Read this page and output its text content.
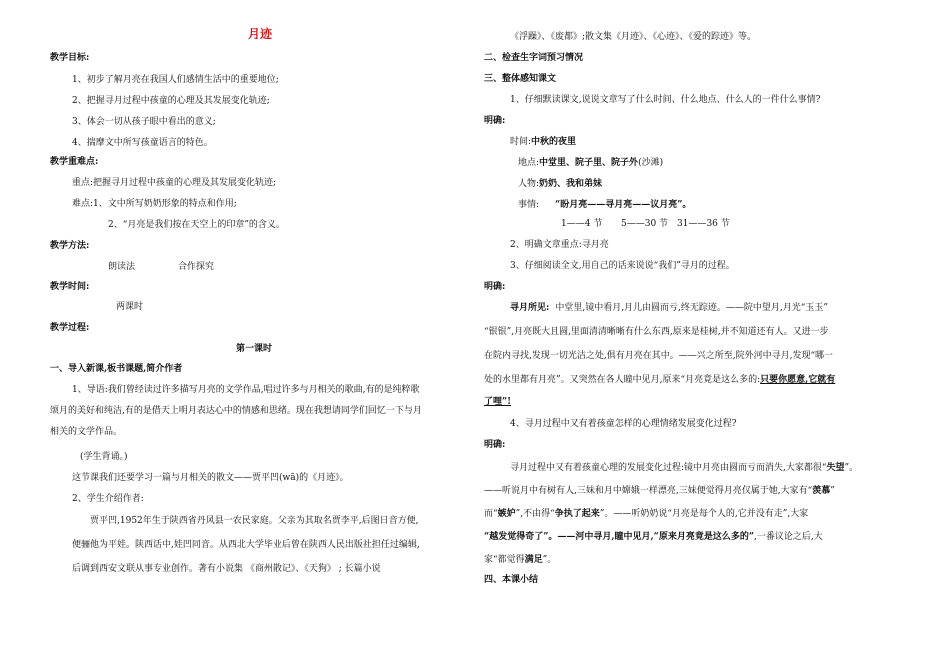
月迹
教学目标:
1、初步了解月亮在我国人们感情生活中的重要地位;
2、把握寻月过程中孩童的心理及其发展变化轨迹;
3、体会一切从孩子眼中看出的意义;
4、揣摩文中所写孩童语言的特色。
教学重难点:
重点:把握寻月过程中孩童的心理及其发展变化轨迹;
难点:1、文中所写奶奶形象的特点和作用;
2、“月亮是我们按在天空上的印章”的含义。
教学方法:
朗读法	合作探究
教学时间:
两课时
教学过程:
第一课时
一、导入新课,板书课题,简介作者
1、导语:我们曾经读过许多描写月亮的文学作品,唱过许多与月相关的歌曲,有的是纯粹歌
颂月的美好和纯洁,有的是借天上明月表达心中的情感和思绪。现在我想请同学们回忆一下与月
相关的文学作品。
(学生背诵。)
这节课我们还要学习一篇与月相关的散文——贾平凹(wā)的《月迹》。
2、学生介绍作者:
贾平凹,1952年生于陕西省丹风县一农民家庭。父亲为其取名贾李平,后图日音方便,
便骊他为平娃。陕西话中,娃凹同音。从西北大学毕业后曾在陕西人民出版社担任过编辑,
后调到西安文联从事专业创作。著有小说集 《商州散记》、《天狗》 ; 长篇小说
《浮躁》、《废都》;散文集《月迹》、《心迹》、《爱的踪迹》等。
二、检查生字词预习情况
三、整体感知课文
1、仔细默读课文,说说文章写了什么时间、什么地点、什么人的一件什么事情?
明确:
时间:中秋的夜里
地点:中堂里、院子里、院子外(沙滩)
人物:奶奶、我和弟妹
事情: “盼月亮——寻月亮——议月亮”。
1——4 节 5——30 节 31——36 节
2、明确文章重点:寻月亮
3、仔细阅读全文,用自己的话来说说“我们”寻月的过程。
明确:
寻月所见: 中堂里,镜中看月,月儿由圆而亏,终无踪迹。——院中望月,月光“玉玉”
“银银”,月亮既大且圆,里面清清晰晰有什么东西,原来是桂树,并不知道还有人。又进一步
在院内寻找,发现一切光洁之处,俱有月亮在其中。——兴之所至,院外河中寻月,发现“哪一
处的水里都有月亮”。又突然在各人瞳中见月,原来“月亮竟是这么多的:只要你愿意,它就有
了哩”!
4、寻月过程中又有着孩童怎样的心理情绪发展变化过程?
明确:
寻月过程中又有着孩童心理的发展变化过程:镜中月亮由圆而亏而消失,大家都很“失望”。
——听说月中有树有人,三妹和月中嫦娥一样漂亮,三妹便觉得月亮仅属于她,大家有“羡慕”
而“嫉妒”,不由得“争执了起来”。——听奶奶说“月亮是每个人的,它并没有走”,大家
“越发觉得奇了”。——河中寻月,瞳中见月,“原来月亮竟是这么多的”,一番议论之后,大
家“都觉得满足”。
四、本课小结
